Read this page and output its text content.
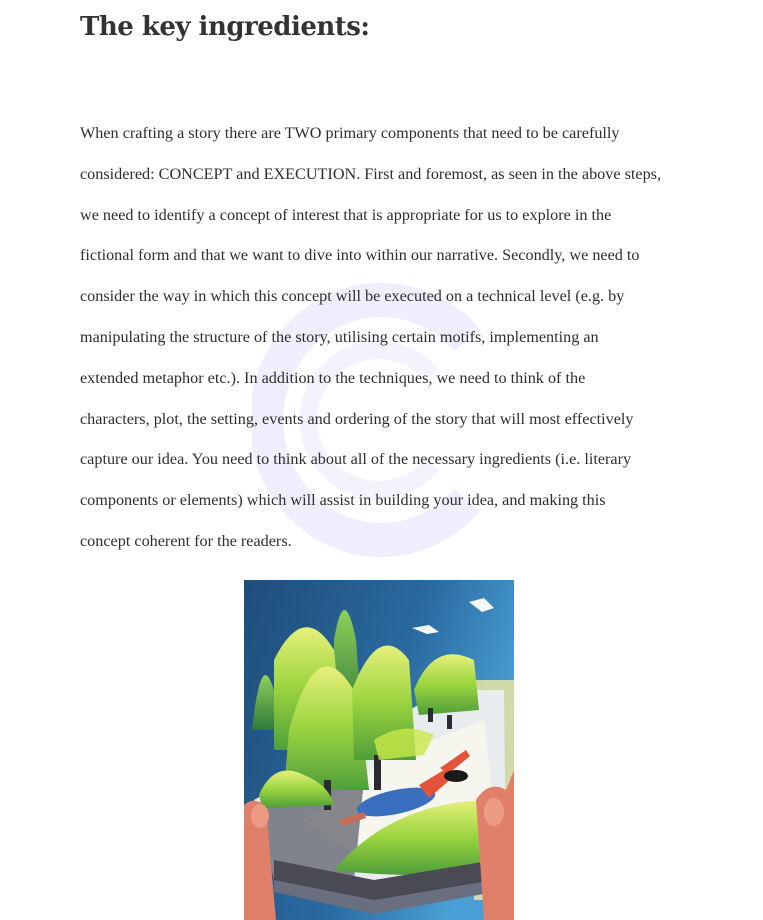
The key ingredients:

When crafting a story there are TWO primary components that need to be carefully
considered: CONCEPT and EXECUTION. First and foremost, as seen in the above steps,
we need to identify a concept of interest that is appropriate for us to explore in the
fictional form and that we want to dive into within our narrative. Secondly, we need to
consider the way in which this concept will be executed on a technical level (e.g. by
manipulating the structure of the story, utilising certain motifs, implementing an
extended metaphor etc.). In addition to the techniques, we need to think of the
characters, plot, the setting, events and ordering of the story that will most effectively
capture our idea. You need to think about all of the necessary ingredients (i.e. literary
components or elements) which will assist in building your idea, and making this
concept coherent for the readers.
